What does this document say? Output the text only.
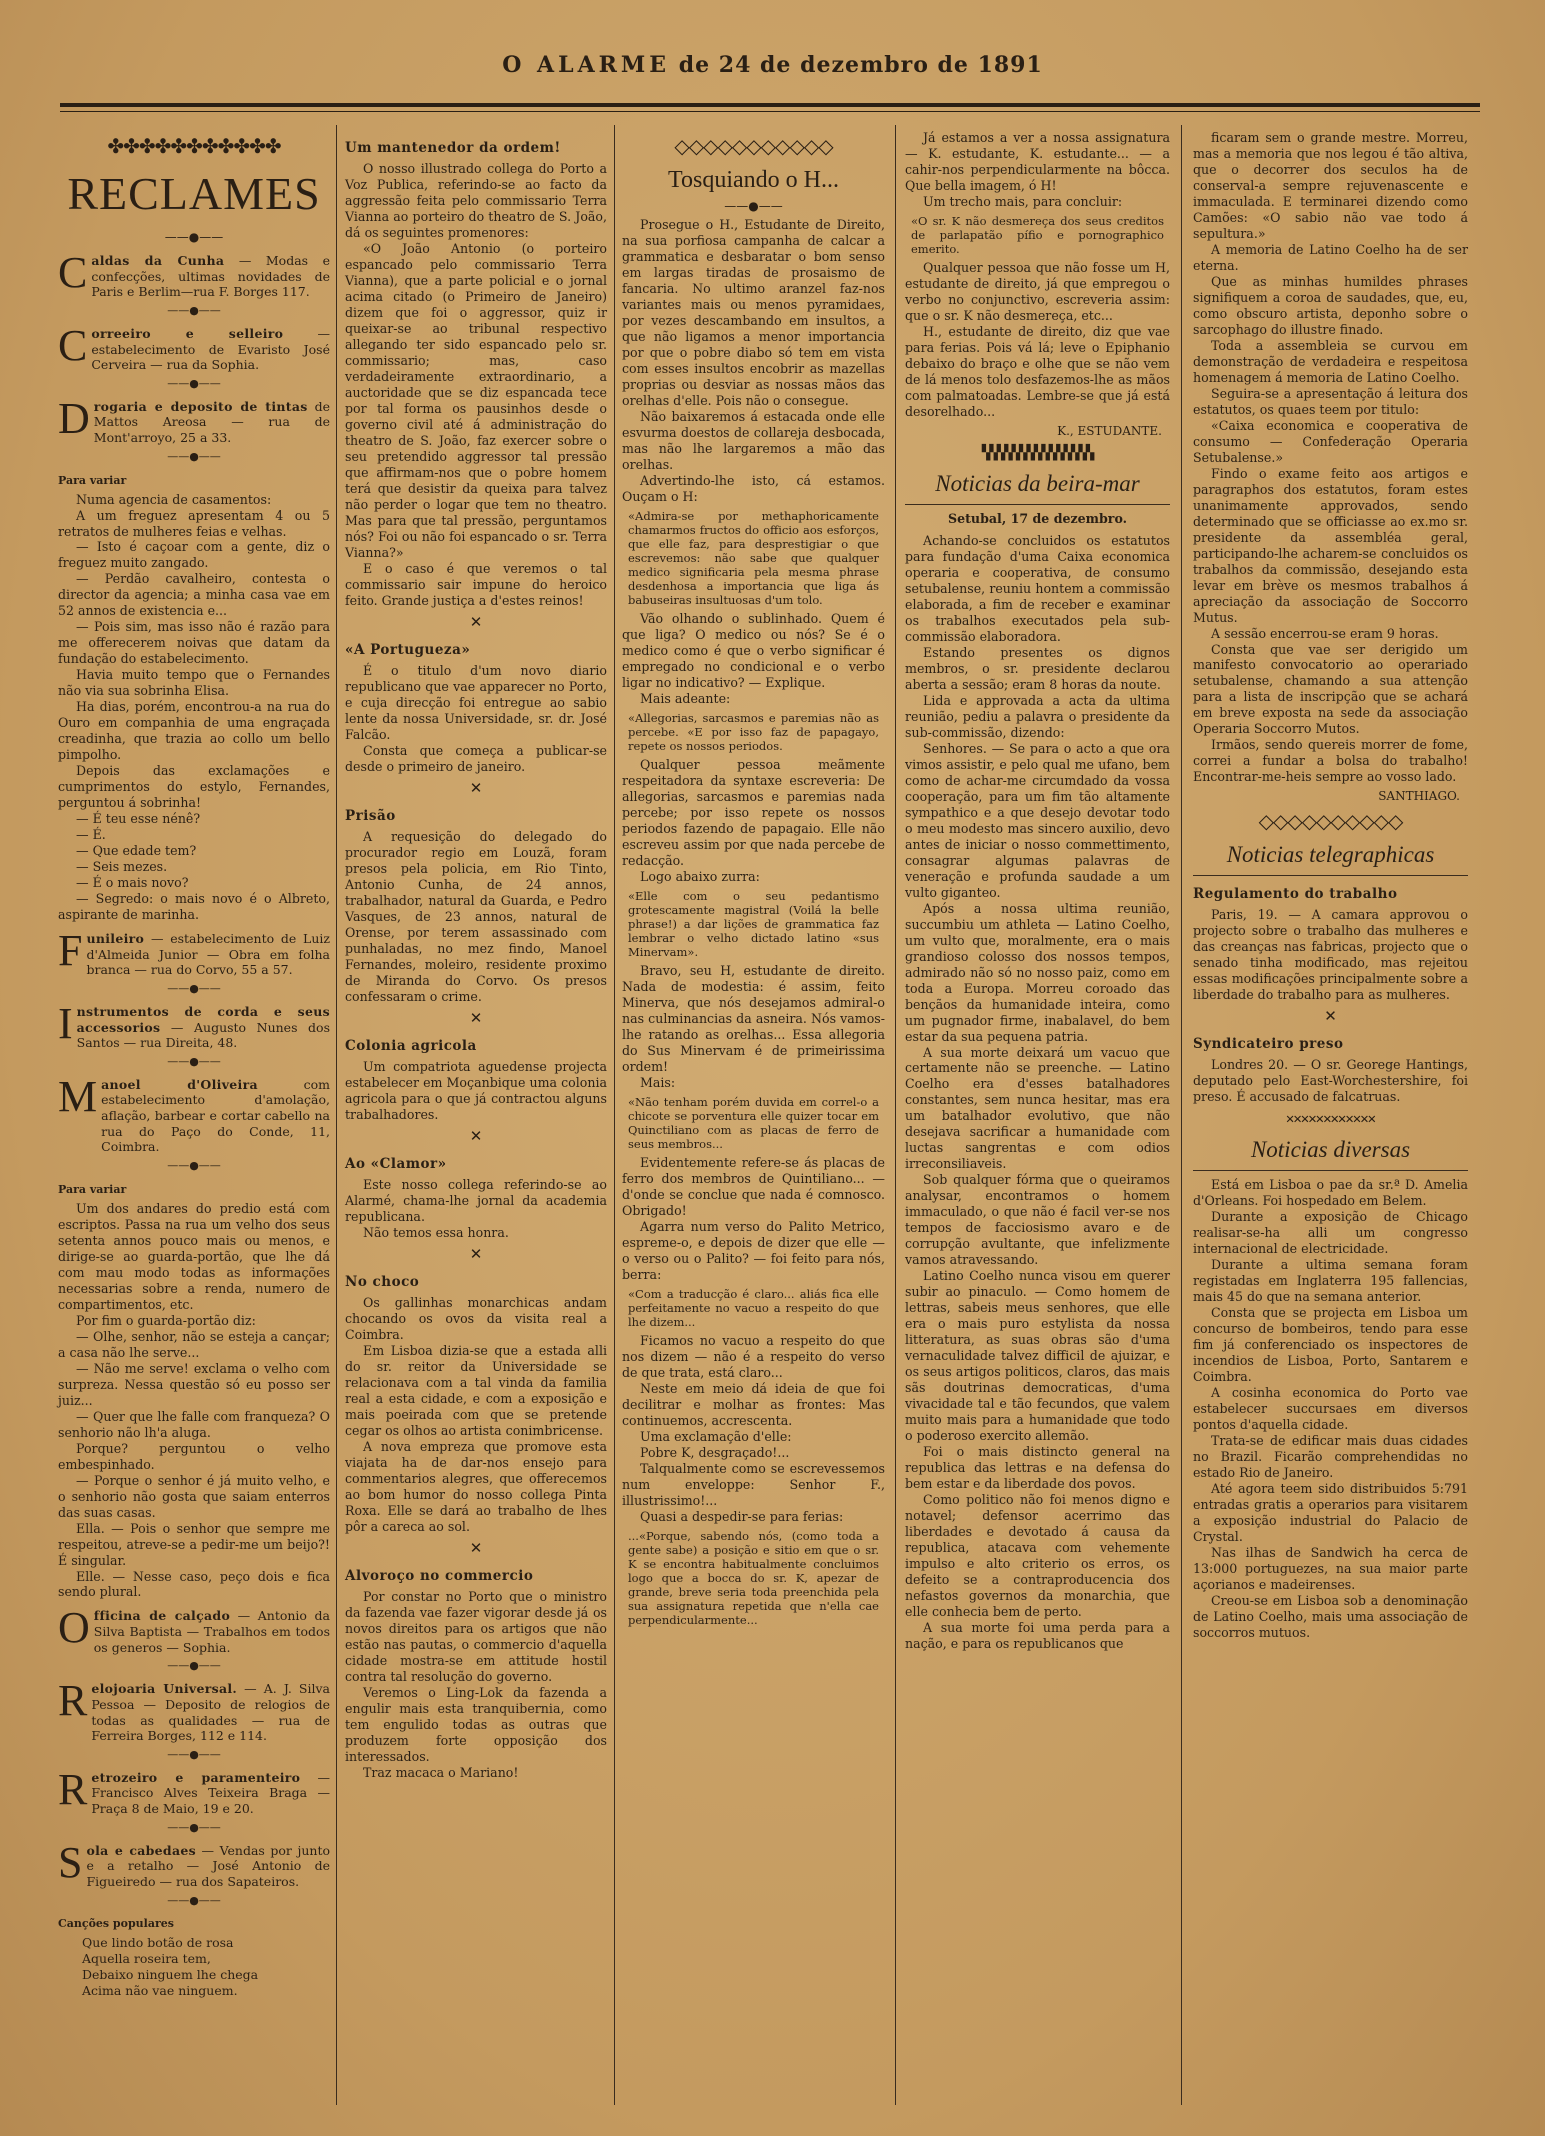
O ALARME de 24 de dezembro de 1891
✤✤✤✤✤✤✤✤✤✤✤
RECLAMES
——●——
C aldas da Cunha — Modas e confecções, ultimas novidades de Paris e Berlim—rua F. Borges 117.
——●——
C orreeiro e selleiro — estabelecimento de Evaristo José Cerveira — rua da Sophia.
——●——
D rogaria e deposito de tintas de Mattos Areosa — rua de Mont'arroyo, 25 a 33.
——●——
Para variar

Numa agencia de casamentos:

A um freguez apresentam 4 ou 5 retratos de mulheres feias e velhas.

— Isto é caçoar com a gente, diz o freguez muito zangado.

— Perdão cavalheiro, contesta o director da agencia; a minha casa vae em 52 annos de existencia e...

— Pois sim, mas isso não é razão para me offerecerem noivas que datam da fundação do estabelecimento.

Havia muito tempo que o Fernandes não via sua sobrinha Elisa.

Ha dias, porém, encontrou-a na rua do Ouro em companhia de uma engraçada creadinha, que trazia ao collo um bello pimpolho.

Depois das exclamações e cumprimentos do estylo, Fernandes, perguntou á sobrinha!

— É teu esse nénê?

— É.

— Que edade tem?

— Seis mezes.

— É o mais novo?

— Segredo: o mais novo é o Albreto, aspirante de marinha.

F unileiro — estabelecimento de Luiz d'Almeida Junior — Obra em folha branca — rua do Corvo, 55 a 57.
——●——
I nstrumentos de corda e seus accessorios — Augusto Nunes dos Santos — rua Direita, 48.
——●——
M anoel d'Oliveira com estabelecimento d'amolação, aflação, barbear e cortar cabello na rua do Paço do Conde, 11, Coimbra.
——●——
Para variar

Um dos andares do predio está com escriptos. Passa na rua um velho dos seus setenta annos pouco mais ou menos, e dirige-se ao guarda-portão, que lhe dá com mau modo todas as informações necessarias sobre a renda, numero de compartimentos, etc.

Por fim o guarda-portão diz:

— Olhe, senhor, não se esteja a cançar; a casa não lhe serve...

— Não me serve! exclama o velho com surpreza. Nessa questão só eu posso ser juiz...

— Quer que lhe falle com franqueza? O senhorio não lh'a aluga.

Porque? perguntou o velho embespinhado.

— Porque o senhor é já muito velho, e o senhorio não gosta que saiam enterros das suas casas.

Ella. — Pois o senhor que sempre me respeitou, atreve-se a pedir-me um beijo?! É singular.

Elle. — Nesse caso, peço dois e fica sendo plural.

O fficina de calçado — Antonio da Silva Baptista — Trabalhos em todos os generos — Sophia.
——●——
R elojoaria Universal. — A. J. Silva Pessoa — Deposito de relogios de todas as qualidades — rua de Ferreira Borges, 112 e 114.
——●——
R etrozeiro e paramenteiro — Francisco Alves Teixeira Braga — Praça 8 de Maio, 19 e 20.
——●——
S ola e cabedaes — Vendas por junto e a retalho — José Antonio de Figueiredo — rua dos Sapateiros.
——●——
Canções populares
Que lindo botão de rosa
Aquella roseira tem,
Debaixo ninguem lhe chega
Acima não vae ninguem.
Um mantenedor da ordem!

O nosso illustrado collega do Porto a Voz Publica, referindo-se ao facto da aggressão feita pelo commissario Terra Vianna ao porteiro do theatro de S. João, dá os seguintes promenores:

«O João Antonio (o porteiro espancado pelo commissario Terra Vianna), que a parte policial e o jornal acima citado (o Primeiro de Janeiro) dizem que foi o aggressor, quiz ir queixar-se ao tribunal respectivo allegando ter sido espancado pelo sr. commissario; mas, caso verdadeiramente extraordinario, a auctoridade que se diz espancada tece por tal forma os pausinhos desde o governo civil até á administração do theatro de S. João, faz exercer sobre o seu pretendido aggressor tal pressão que affirmam-nos que o pobre homem terá que desistir da queixa para talvez não perder o logar que tem no theatro. Mas para que tal pressão, perguntamos nós? Foi ou não foi espancado o sr. Terra Vianna?»

E o caso é que veremos o tal commissario sair impune do heroico feito. Grande justiça a d'estes reinos!

✕
«A Portugueza»

É o titulo d'um novo diario republicano que vae apparecer no Porto, e cuja direcção foi entregue ao sabio lente da nossa Universidade, sr. dr. José Falcão.

Consta que começa a publicar-se desde o primeiro de janeiro.

✕
Prisão

A requesição do delegado do procurador regio em Louzã, foram presos pela policia, em Rio Tinto, Antonio Cunha, de 24 annos, trabalhador, natural da Guarda, e Pedro Vasques, de 23 annos, natural de Orense, por terem assassinado com punhaladas, no mez findo, Manoel Fernandes, moleiro, residente proximo de Miranda do Corvo. Os presos confessaram o crime.

✕
Colonia agricola

Um compatriota aguedense projecta estabelecer em Moçanbique uma colonia agricola para o que já contractou alguns trabalhadores.

✕
Ao «Clamor»

Este nosso collega referindo-se ao Alarmé, chama-lhe jornal da academia republicana.

Não temos essa honra.

✕
No choco

Os gallinhas monarchicas andam chocando os ovos da visita real a Coimbra.

Em Lisboa dizia-se que a estada alli do sr. reitor da Universidade se relacionava com a tal vinda da familia real a esta cidade, e com a exposição e mais poeirada com que se pretende cegar os olhos ao artista conimbricense.

A nova empreza que promove esta viajata ha de dar-nos ensejo para commentarios alegres, que offerecemos ao bom humor do nosso collega Pinta Roxa. Elle se dará ao trabalho de lhes pôr a careca ao sol.

✕
Alvoroço no commercio

Por constar no Porto que o ministro da fazenda vae fazer vigorar desde já os novos direitos para os artigos que não estão nas pautas, o commercio d'aquella cidade mostra-se em attitude hostil contra tal resolução do governo.

Veremos o Ling-Lok da fazenda a engulir mais esta tranquibernia, como tem engulido todas as outras que produzem forte opposição dos interessados.

Traz macaca o Mariano!

◇◇◇◇◇◇◇◇◇◇◇
Tosquiando o H...
——●——

Prosegue o H., Estudante de Direito, na sua porfiosa campanha de calcar a grammatica e desbaratar o bom senso em largas tiradas de prosaismo de fancaria. No ultimo aranzel faz-nos variantes mais ou menos pyramidaes, por vezes descambando em insultos, a que não ligamos a menor importancia por que o pobre diabo só tem em vista com esses insultos encobrir as mazellas proprias ou desviar as nossas mãos das orelhas d'elle. Pois não o consegue.

Não baixaremos á estacada onde elle esvurma doestos de collareja desbocada, mas não lhe largaremos a mão das orelhas.

Advertindo-lhe isto, cá estamos. Ouçam o H:

«Admira-se por methaphoricamente chamarmos fructos do officio aos esforços, que elle faz, para desprestigiar o que escrevemos: não sabe que qualquer medico significaria pela mesma phrase desdenhosa a importancia que liga ás babuseiras insultuosas d'um tolo.

Vão olhando o sublinhado. Quem é que liga? O medico ou nós? Se é o medico como é que o verbo significar é empregado no condicional e o verbo ligar no indicativo? — Explique.

Mais adeante:

«Allegorias, sarcasmos e paremias não as percebe. «E por isso faz de papagayo, repete os nossos periodos.

Qualquer pessoa meãmente respeitadora da syntaxe escreveria: De allegorias, sarcasmos e paremias nada percebe; por isso repete os nossos periodos fazendo de papagaio. Elle não escreveu assim por que nada percebe de redacção.

Logo abaixo zurra:

«Elle com o seu pedantismo grotescamente magistral (Voilá la belle phrase!) a dar lições de grammatica faz lembrar o velho dictado latino «sus Minervam».

Bravo, seu H, estudante de direito. Nada de modestia: é assim, feito Minerva, que nós desejamos admiral-o nas culminancias da asneira. Nós vamos-lhe ratando as orelhas... Essa allegoria do Sus Minervam é de primeirissima ordem!

Mais:

«Não tenham porém duvida em correl-o a chicote se porventura elle quizer tocar em Quinctiliano com as placas de ferro de seus membros...

Evidentemente refere-se ás placas de ferro dos membros de Quintiliano... — d'onde se conclue que nada é comnosco. Obrigado!

Agarra num verso do Palito Metrico, espreme-o, e depois de dizer que elle — o verso ou o Palito? — foi feito para nós, berra:

«Com a traducção é claro... aliás fica elle perfeitamente no vacuo a respeito do que lhe dizem...

Ficamos no vacuo a respeito do que nos dizem — não é a respeito do verso de que trata, está claro...

Neste em meio dá ideia de que foi decilitrar e molhar as frontes: Mas continuemos, accrescenta.

Uma exclamação d'elle:

Pobre K, desgraçado!...

Talqualmente como se escrevessemos num enveloppe: Senhor F., illustrissimo!...

Quasi a despedir-se para ferias:

...«Porque, sabendo nós, (como toda a gente sabe) a posição e sitio em que o sr. K se encontra habitualmente concluimos logo que a bocca do sr. K, apezar de grande, breve seria toda preenchida pela sua assignatura repetida que n'ella cae perpendicularmente...

Já estamos a ver a nossa assignatura — K. estudante, K. estudante... — a cahir-nos perpendicularmente na bôcca. Que bella imagem, ó H!

Um trecho mais, para concluir:

«O sr. K não desmereça dos seus creditos de parlapatão pífio e pornographico emerito.

Qualquer pessoa que não fosse um H, estudante de direito, já que empregou o verbo no conjunctivo, escreveria assim: que o sr. K não desmereça, etc...

H., estudante de direito, diz que vae para ferias. Pois vá lá; leve o Epiphanio debaixo do braço e olhe que se não vem de lá menos tolo desfazemos-lhe as mãos com palmatoadas. Lembre-se que já está desorelhado...

K., ESTUDANTE.
▚▚▚▚▚▚▚▚▚▚▚▚▚▚▚
Noticias da beira-mar
Setubal, 17 de dezembro.

Achando-se concluidos os estatutos para fundação d'uma Caixa economica operaria e cooperativa, de consumo setubalense, reuniu hontem a commissão elaborada, a fim de receber e examinar os trabalhos executados pela sub-commissão elaboradora.

Estando presentes os dignos membros, o sr. presidente declarou aberta a sessão; eram 8 horas da noute.

Lida e approvada a acta da ultima reunião, pediu a palavra o presidente da sub-commissão, dizendo:

Senhores. — Se para o acto a que ora vimos assistir, e pelo qual me ufano, bem como de achar-me circumdado da vossa cooperação, para um fim tão altamente sympathico e a que desejo devotar todo o meu modesto mas sincero auxilio, devo antes de iniciar o nosso commettimento, consagrar algumas palavras de veneração e profunda saudade a um vulto giganteo.

Após a nossa ultima reunião, succumbiu um athleta — Latino Coelho, um vulto que, moralmente, era o mais grandioso colosso dos nossos tempos, admirado não só no nosso paiz, como em toda a Europa. Morreu coroado das bençãos da humanidade inteira, como um pugnador firme, inabalavel, do bem estar da sua pequena patria.

A sua morte deixará um vacuo que certamente não se preenche. — Latino Coelho era d'esses batalhadores constantes, sem nunca hesitar, mas era um batalhador evolutivo, que não desejava sacrificar a humanidade com luctas sangrentas e com odios irreconsiliaveis.

Sob qualquer fórma que o queiramos analysar, encontramos o homem immaculado, o que não é facil ver-se nos tempos de facciosismo avaro e de corrupção avultante, que infelizmente vamos atravessando.

Latino Coelho nunca visou em querer subir ao pinaculo. — Como homem de lettras, sabeis meus senhores, que elle era o mais puro estylista da nossa litteratura, as suas obras são d'uma vernaculidade talvez difficil de ajuizar, e os seus artigos politicos, claros, das mais sãs doutrinas democraticas, d'uma vivacidade tal e tão fecundos, que valem muito mais para a humanidade que todo o poderoso exercito allemão.

Foi o mais distincto general na republica das lettras e na defensa do bem estar e da liberdade dos povos.

Como politico não foi menos digno e notavel; defensor acerrimo das liberdades e devotado á causa da republica, atacava com vehemente impulso e alto criterio os erros, os defeito se a contraproducencia dos nefastos governos da monarchia, que elle conhecia bem de perto.

A sua morte foi uma perda para a nação, e para os republicanos que

ficaram sem o grande mestre. Morreu, mas a memoria que nos legou é tão altiva, que o decorrer dos seculos ha de conserval-a sempre rejuvenascente e immaculada. E terminarei dizendo como Camões: «O sabio não vae todo á sepultura.»

A memoria de Latino Coelho ha de ser eterna.

Que as minhas humildes phrases signifiquem a coroa de saudades, que, eu, como obscuro artista, deponho sobre o sarcophago do illustre finado.

Toda a assembleia se curvou em demonstração de verdadeira e respeitosa homenagem á memoria de Latino Coelho.

Seguira-se a apresentação á leitura dos estatutos, os quaes teem por titulo:

«Caixa economica e cooperativa de consumo — Confederação Operaria Setubalense.»

Findo o exame feito aos artigos e paragraphos dos estatutos, foram estes unanimamente approvados, sendo determinado que se officiasse ao ex.mo sr. presidente da assembléa geral, participando-lhe acharem-se concluidos os trabalhos da commissão, desejando esta levar em brève os mesmos trabalhos á apreciação da associação de Soccorro Mutus.

A sessão encerrou-se eram 9 horas.

Consta que vae ser derigido um manifesto convocatorio ao operariado setubalense, chamando a sua attenção para a lista de inscripção que se achará em breve exposta na sede da associação Operaria Soccorro Mutos.

Irmãos, sendo quereis morrer de fome, correi a fundar a bolsa do trabalho! Encontrar-me-heis sempre ao vosso lado.

SANTHIAGO.
◇◇◇◇◇◇◇◇◇◇
Noticias telegraphicas
Regulamento do trabalho

Paris, 19. — A camara approvou o projecto sobre o trabalho das mulheres e das creanças nas fabricas, projecto que o senado tinha modificado, mas rejeitou essas modificações principalmente sobre a liberdade do trabalho para as mulheres.

✕
Syndicateiro preso

Londres 20. — O sr. Georege Hantings, deputado pelo East-Worchestershire, foi preso. É accusado de falcatruas.

✕✕✕✕✕✕✕✕✕✕✕✕
Noticias diversas

Está em Lisboa o pae da sr.ª D. Amelia d'Orleans. Foi hospedado em Belem.

Durante a exposição de Chicago realisar-se-ha alli um congresso internacional de electricidade.

Durante a ultima semana foram registadas em Inglaterra 195 fallencias, mais 45 do que na semana anterior.

Consta que se projecta em Lisboa um concurso de bombeiros, tendo para esse fim já conferenciado os inspectores de incendios de Lisboa, Porto, Santarem e Coimbra.

A cosinha economica do Porto vae estabelecer succursaes em diversos pontos d'aquella cidade.

Trata-se de edificar mais duas cidades no Brazil. Ficarão comprehendidas no estado Rio de Janeiro.

Até agora teem sido distribuidos 5:791 entradas gratis a operarios para visitarem a exposição industrial do Palacio de Crystal.

Nas ilhas de Sandwich ha cerca de 13:000 portuguezes, na sua maior parte açorianos e madeirenses.

Creou-se em Lisboa sob a denominação de Latino Coelho, mais uma associação de soccorros mutuos.
